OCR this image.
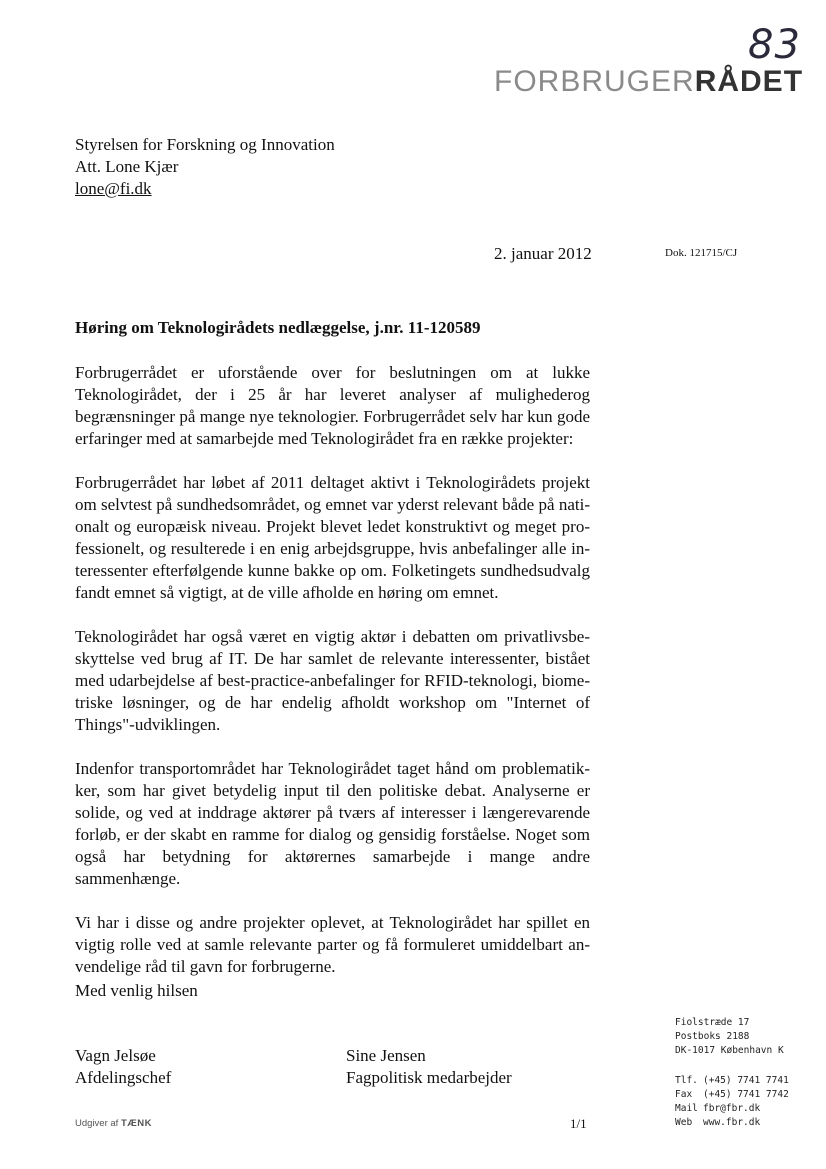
83
FORBRUGERRÅDET
Styrelsen for Forskning og Innovation
Att. Lone Kjær
lone@fi.dk
2. januar 2012	Dok. 121715/CJ
Høring om Teknologirådets nedlæggelse, j.nr. 11-120589

Forbrugerrådet er uforstående over for beslutningen om at lukke Teknologirådet, der i 25 år har leveret analyser af mulighederog begrænsninger på mange nye teknologier. Forbrugerrådet selv har kun gode erfaringer med at samarbejde med Teknologirådet fra en række projekter:

Forbrugerrådet har løbet af 2011 deltaget aktivt i Teknologirådets projekt om selvtest på sundhedsområdet, og emnet var yderst relevant både på nationalt og europæisk niveau. Projekt blevet ledet konstruktivt og meget professionelt, og resulterede i en enig arbejdsgruppe, hvis anbefalinger alle interessenter efterfølgende kunne bakke op om. Folketingets sundhedsudvalg fandt emnet så vigtigt, at de ville afholde en høring om emnet.

Teknologirådet har også været en vigtig aktør i debatten om privatlivsbeskyttelse ved brug af IT. De har samlet de relevante interessenter, bistået med udarbejdelse af best-practice-anbefalinger for RFID-teknologi, biometriske løsninger, og de har endelig afholdt workshop om "Internet of Things"-udviklingen.

Indenfor transportområdet har Teknologirådet taget hånd om problematikker, som har givet betydelig input til den politiske debat. Analyserne er solide, og ved at inddrage aktører på tværs af interesser i længerevarende forløb, er der skabt en ramme for dialog og gensidig forståelse. Noget som også har betydning for aktørernes samarbejde i mange andre sammenhænge.

Vi har i disse og andre projekter oplevet, at Teknologirådet har spillet en vigtig rolle ved at samle relevante parter og få formuleret umiddelbart anvendelige råd til gavn for forbrugerne.

Med venlig hilsen
Vagn Jelsøe
Afdelingschef
Sine Jensen
Fagpolitisk medarbejder
Fiolstræde 17
Postboks 2188
DK-1017 København K
Tlf. (+45) 7741 7741
Fax (+45) 7741 7742
Mail fbr@fbr.dk
Web www.fbr.dk
Udgiver af TÆNK	1/1
